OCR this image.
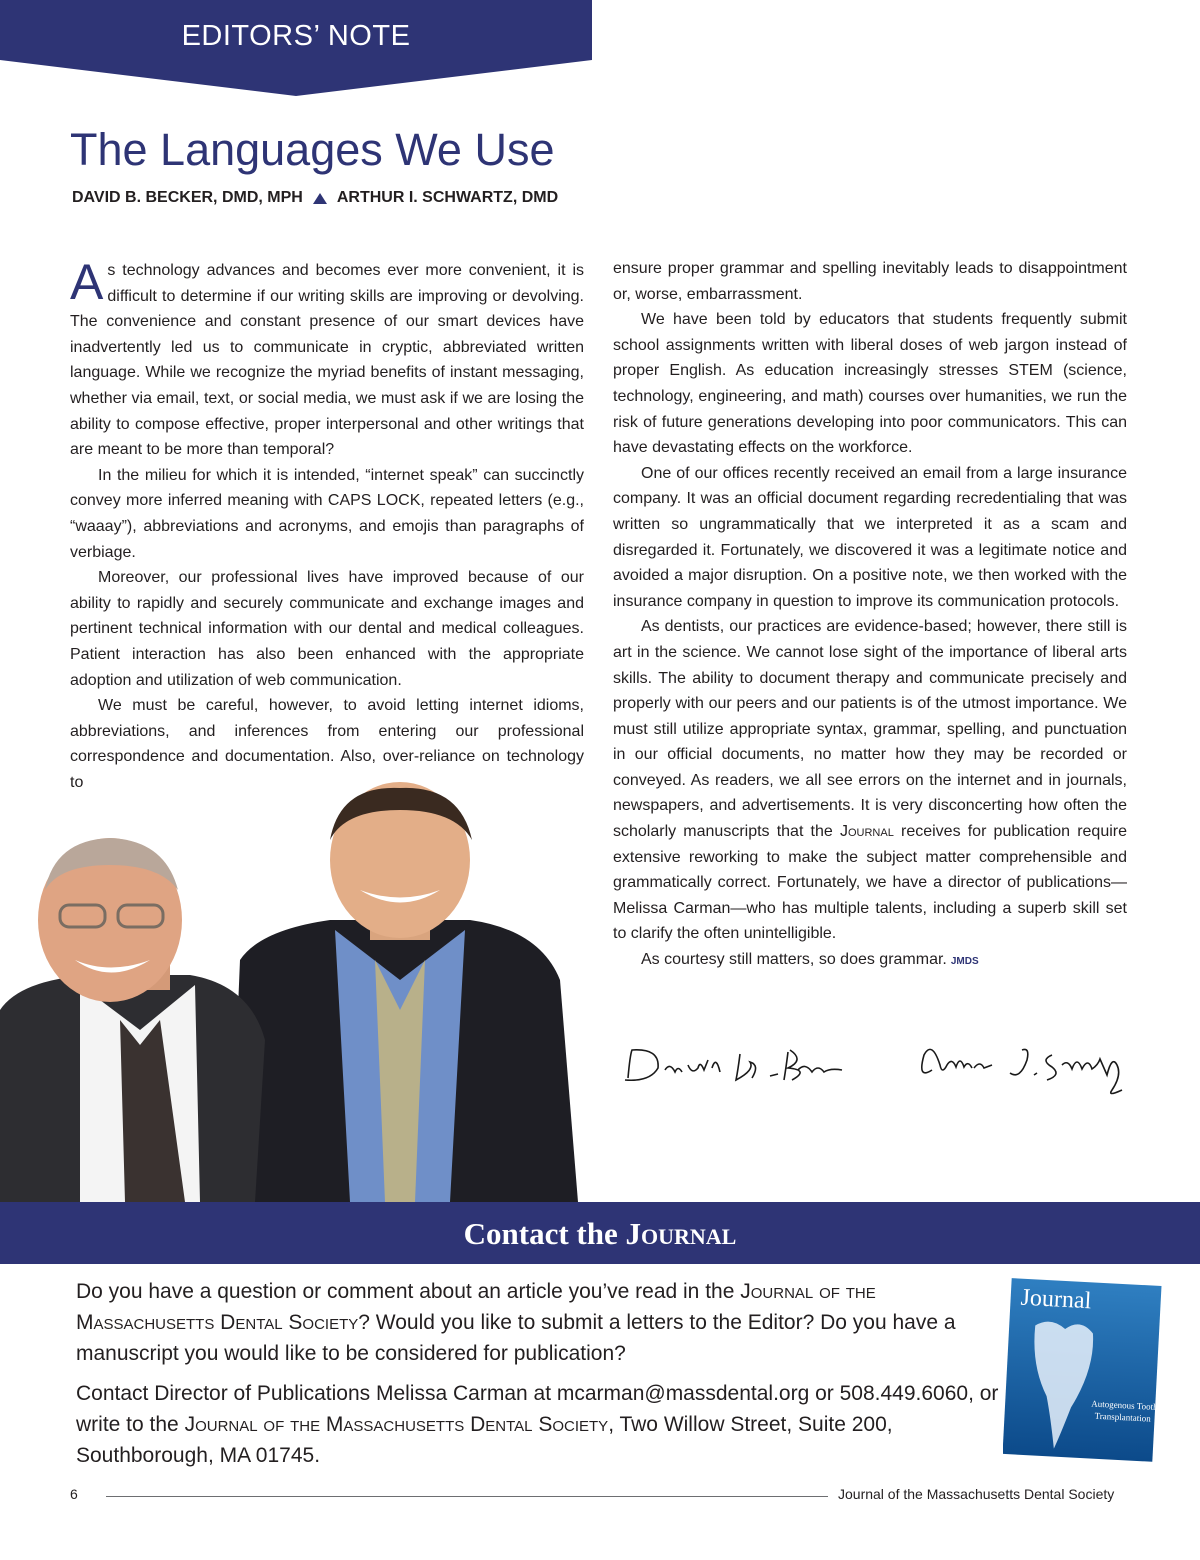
EDITORS’ NOTE
The Languages We Use
DAVID B. BECKER, DMD, MPH ARTHUR I. SCHWARTZ, DMD

As technology advances and becomes ever more convenient, it is difficult to determine if our writing skills are improving or devolving. The convenience and constant presence of our smart devices have inadvertently led us to communicate in cryptic, abbreviated written language. While we recognize the myriad benefits of instant messaging, whether via email, text, or social media, we must ask if we are losing the ability to compose effective, proper interpersonal and other writings that are meant to be more than temporal?

In the milieu for which it is intended, “internet speak” can succinctly convey more inferred meaning with CAPS LOCK, repeated letters (e.g., “waaay”), abbreviations and acronyms, and emojis than paragraphs of verbiage.

Moreover, our professional lives have improved because of our ability to rapidly and securely communicate and exchange images and pertinent technical information with our dental and medical colleagues. Patient interaction has also been enhanced with the appropriate adoption and utilization of web communication.

We must be careful, however, to avoid letting internet idioms, abbreviations, and inferences from entering our professional correspondence and documentation. Also, over-reliance on technology to

ensure proper grammar and spelling inevitably leads to disappointment or, worse, embarrassment.

We have been told by educators that students frequently submit school assignments written with liberal doses of web jargon instead of proper English. As education increasingly stresses STEM (science, technology, engineering, and math) courses over humanities, we run the risk of future generations developing into poor communicators. This can have devastating effects on the workforce.

One of our offices recently received an email from a large insurance company. It was an official document regarding recredentialing that was written so ungrammatically that we interpreted it as a scam and disregarded it. Fortunately, we discovered it was a legitimate notice and avoided a major disruption. On a positive note, we then worked with the insurance company in question to improve its communication protocols.

As dentists, our practices are evidence-based; however, there still is art in the science. We cannot lose sight of the importance of liberal arts skills. The ability to document therapy and communicate precisely and properly with our peers and our patients is of the utmost importance. We must still utilize appropriate syntax, grammar, spelling, and punctuation in our official documents, no matter how they may be recorded or conveyed. As readers, we all see errors on the internet and in journals, newspapers, and advertisements. It is very disconcerting how often the scholarly manuscripts that the Journal receives for publication require extensive reworking to make the subject matter comprehensible and grammatically correct. Fortunately, we have a director of publications—Melissa Carman—who has multiple talents, including a superb skill set to clarify the often unintelligible.

As courtesy still matters, so does grammar. JMDS

Contact the Journal
Do you have a question or comment about an article you’ve read in the Journal of the Massachusetts Dental Society? Would you like to submit a letters to the Editor? Do you have a manuscript you would like to be considered for publication?
Contact Director of Publications Melissa Carman at mcarman@massdental.org or 508.449.6060, or write to the Journal of the Massachusetts Dental Society, Two Willow Street, Suite 200, Southborough, MA 01745.
Journal
Autogenous Tooth
Transplantation
6	Journal of the Massachusetts Dental Society
